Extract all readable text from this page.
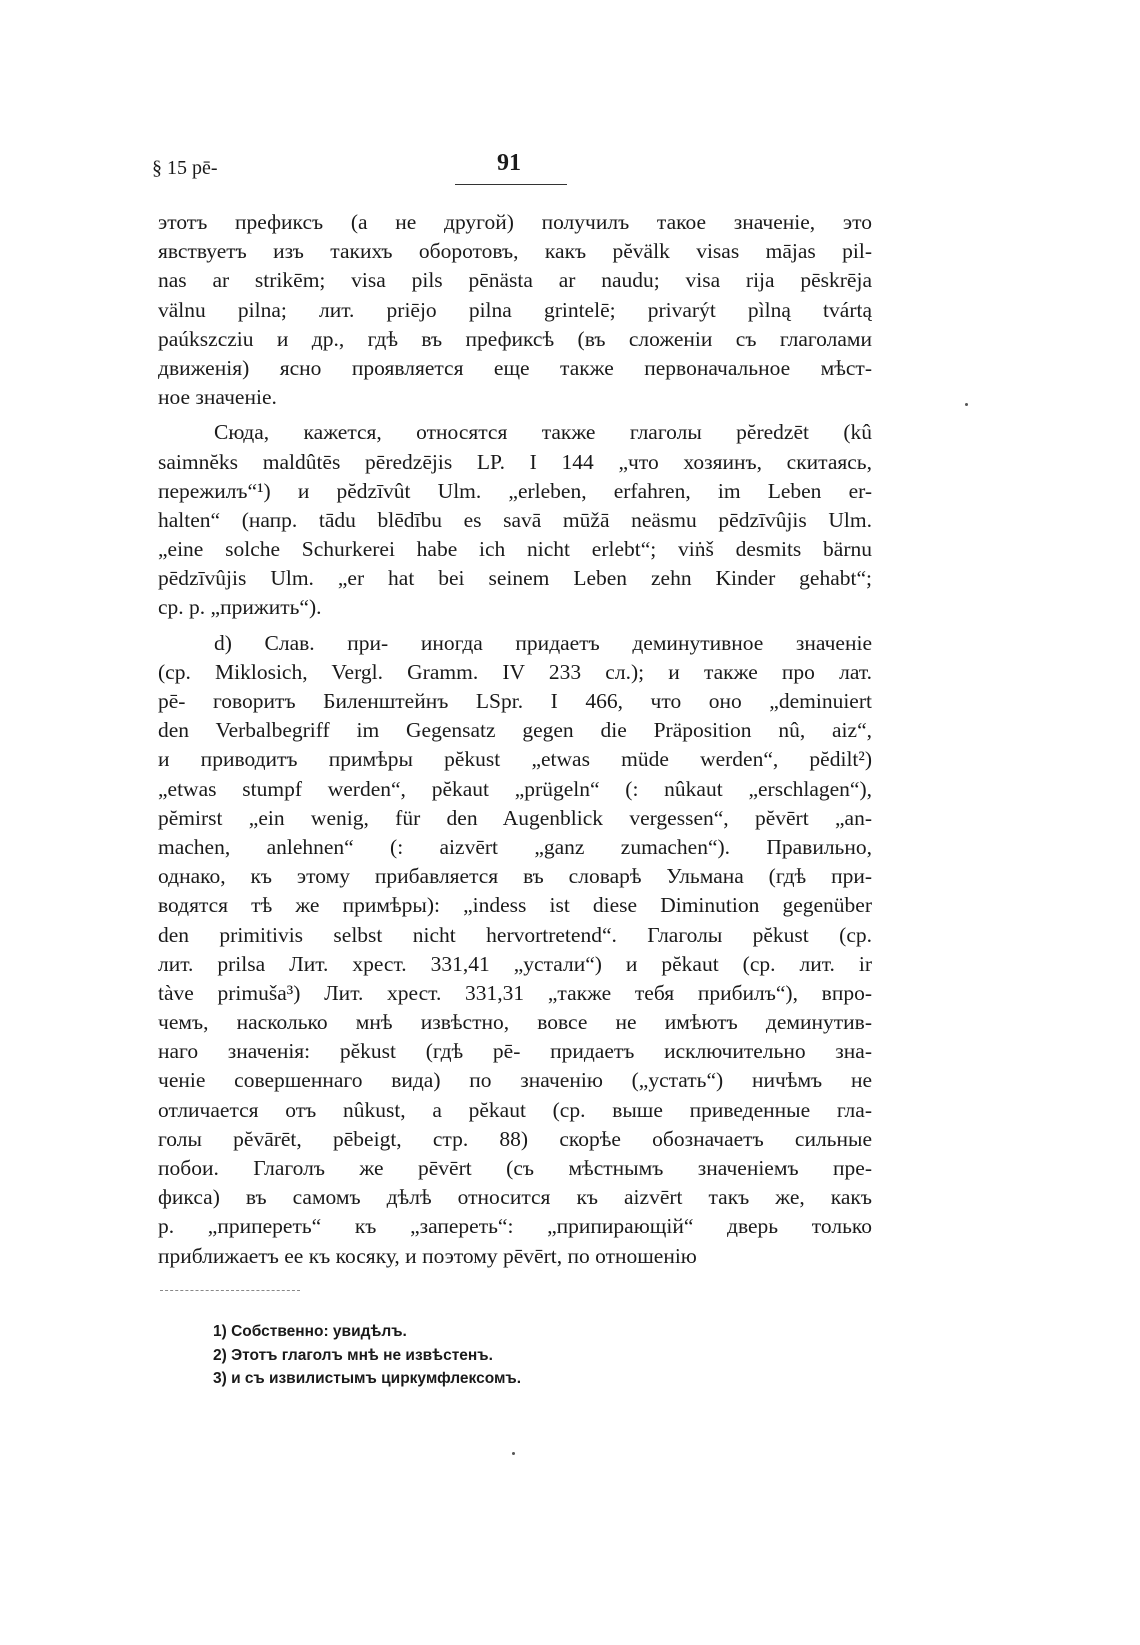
§ 15 pē-	91
этотъ префиксъ (а не другой) получилъ такое значенiе, это
явствуетъ изъ такихъ оборотовъ, какъ pĕvälk visas mājas pil-
nas ar strikēm; visa pils pēnästa ar naudu; visa rija pēskrēja
välnu pilna; лит. priējo pilna grintelē; privarýt pìlną tvártą
paúkszcziu и др., гдѣ въ префиксѣ (въ сложенiи съ глаголами
движенiя) ясно проявляется еще также первоначальное мѣст-
ное значенiе.
Сюда, кажется, относятся также глаголы pĕredzēt (kû
saimnĕks maldûtēs pēredzējis LP. I 144 „что хозяинъ, скитаясь,
пережилъ“¹) и pĕdzīvût Ulm. „erleben, erfahren, im Leben er-
halten“ (напр. tādu blēdību es savā mūžā neäsmu pēdzīvûjis Ulm.
„eine solche Schurkerei habe ich nicht erlebt“; viṅš desmits bärnu
pēdzīvûjis Ulm. „er hat bei seinem Leben zehn Kinder gehabt“;
ср. р. „прижить“).
d) Слав. при- иногда придаетъ деминутивное значенiе
(ср. Miklosich, Vergl. Gramm. IV 233 сл.); и также про лат.
pē- говоритъ Биленштейнъ LSpr. I 466, что оно „deminuiert
den Verbalbegriff im Gegensatz gegen die Präposition nû, aiz“,
и приводитъ примѣры pĕkust „etwas müde werden“, pĕdilt²)
„etwas stumpf werden“, pĕkaut „prügeln“ (: nûkaut „erschlagen“),
pĕmirst „ein wenig, für den Augenblick vergessen“, pĕvērt „an-
machen, anlehnen“ (: aizvērt „ganz zumachen“). Правильно,
однако, къ этому прибавляется въ словарѣ Ульмана (гдѣ при-
водятся тѣ же примѣры): „indess ist diese Diminution gegenüber
den primitivis selbst nicht hervortretend“. Глаголы pĕkust (ср.
лит. prilsa Лит. хрест. 331,41 „устали“) и pĕkaut (ср. лит. ir
tàve primuša³) Лит. хрест. 331,31 „также тебя прибилъ“), впро-
чемъ, насколько мнѣ извѣстно, вовсе не имѣютъ деминутив-
наго значенiя: pĕkust (гдѣ pē- придаетъ исключительно зна-
ченiе совершеннаго вида) по значенiю („устать“) ничѣмъ не
отличается отъ nûkust, а pĕkaut (ср. выше приведенные гла-
голы pĕvārēt, pēbeigt, стр. 88) скорѣе обозначаетъ сильные
побои. Глаголъ же pēvērt (съ мѣстнымъ значенiемъ пре-
фикса) въ самомъ дѣлѣ относится къ aizvērt такъ же, какъ
р. „припереть“ къ „запереть“: „припирающiй“ дверь только
приближаетъ ее къ косяку, и поэтому pēvērt, по отношенiю
1) Собственно: увидѣлъ.
2) Этотъ глаголъ мнѣ не извѣстенъ.
3) и съ извилистымъ циркумфлексомъ.
